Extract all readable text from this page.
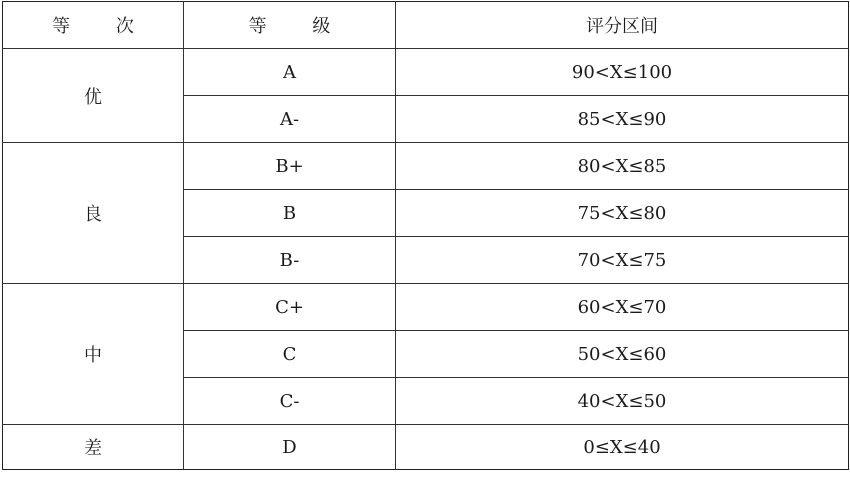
等 次	等 级	评分区间
优	A	90<X≤100
	A-	85<X≤90
良	B+	80<X≤85
	B	75<X≤80
	B-	70<X≤75
中	C+	60<X≤70
	C	50<X≤60
	C-	40<X≤50
差	D	0≤X≤40
